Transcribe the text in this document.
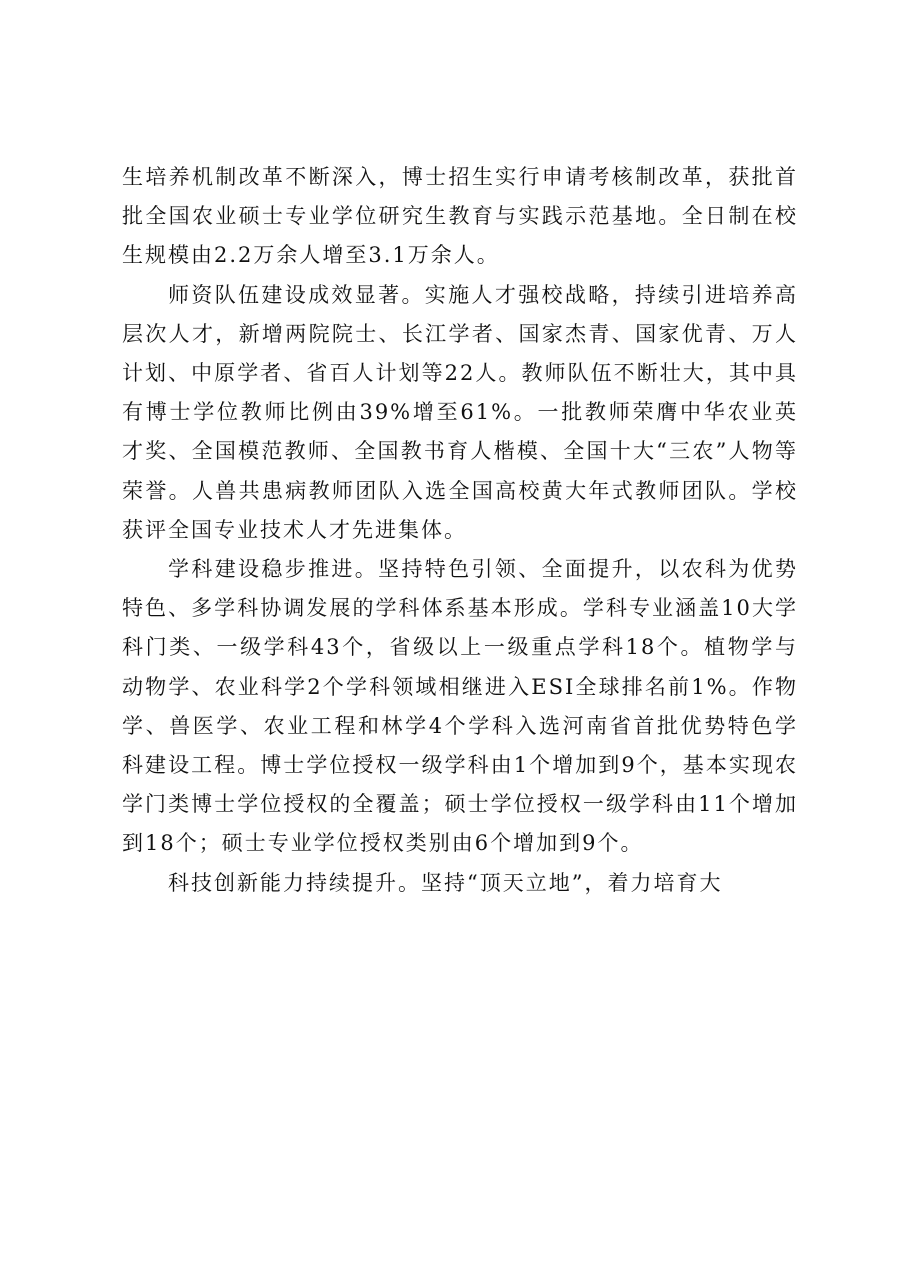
生培养机制改革不断深入，博士招生实行申请考核制改革，获批首批全国农业硕士专业学位研究生教育与实践示范基地。全日制在校生规模由2.2万余人增至3.1万余人。

师资队伍建设成效显著。实施人才强校战略，持续引进培养高层次人才，新增两院院士、长江学者、国家杰青、国家优青、万人计划、中原学者、省百人计划等22人。教师队伍不断壮大，其中具有博士学位教师比例由39%增至61%。一批教师荣膺中华农业英才奖、全国模范教师、全国教书育人楷模、全国十大“三农”人物等荣誉。人兽共患病教师团队入选全国高校黄大年式教师团队。学校获评全国专业技术人才先进集体。

学科建设稳步推进。坚持特色引领、全面提升，以农科为优势特色、多学科协调发展的学科体系基本形成。学科专业涵盖10大学科门类、一级学科43个，省级以上一级重点学科18个。植物学与动物学、农业科学2个学科领域相继进入ESI全球排名前1%。作物学、兽医学、农业工程和林学4个学科入选河南省首批优势特色学科建设工程。博士学位授权一级学科由1个增加到9个，基本实现农学门类博士学位授权的全覆盖；硕士学位授权一级学科由11个增加到18个；硕士专业学位授权类别由6个增加到9个。

科技创新能力持续提升。坚持“顶天立地”，着力培育大
